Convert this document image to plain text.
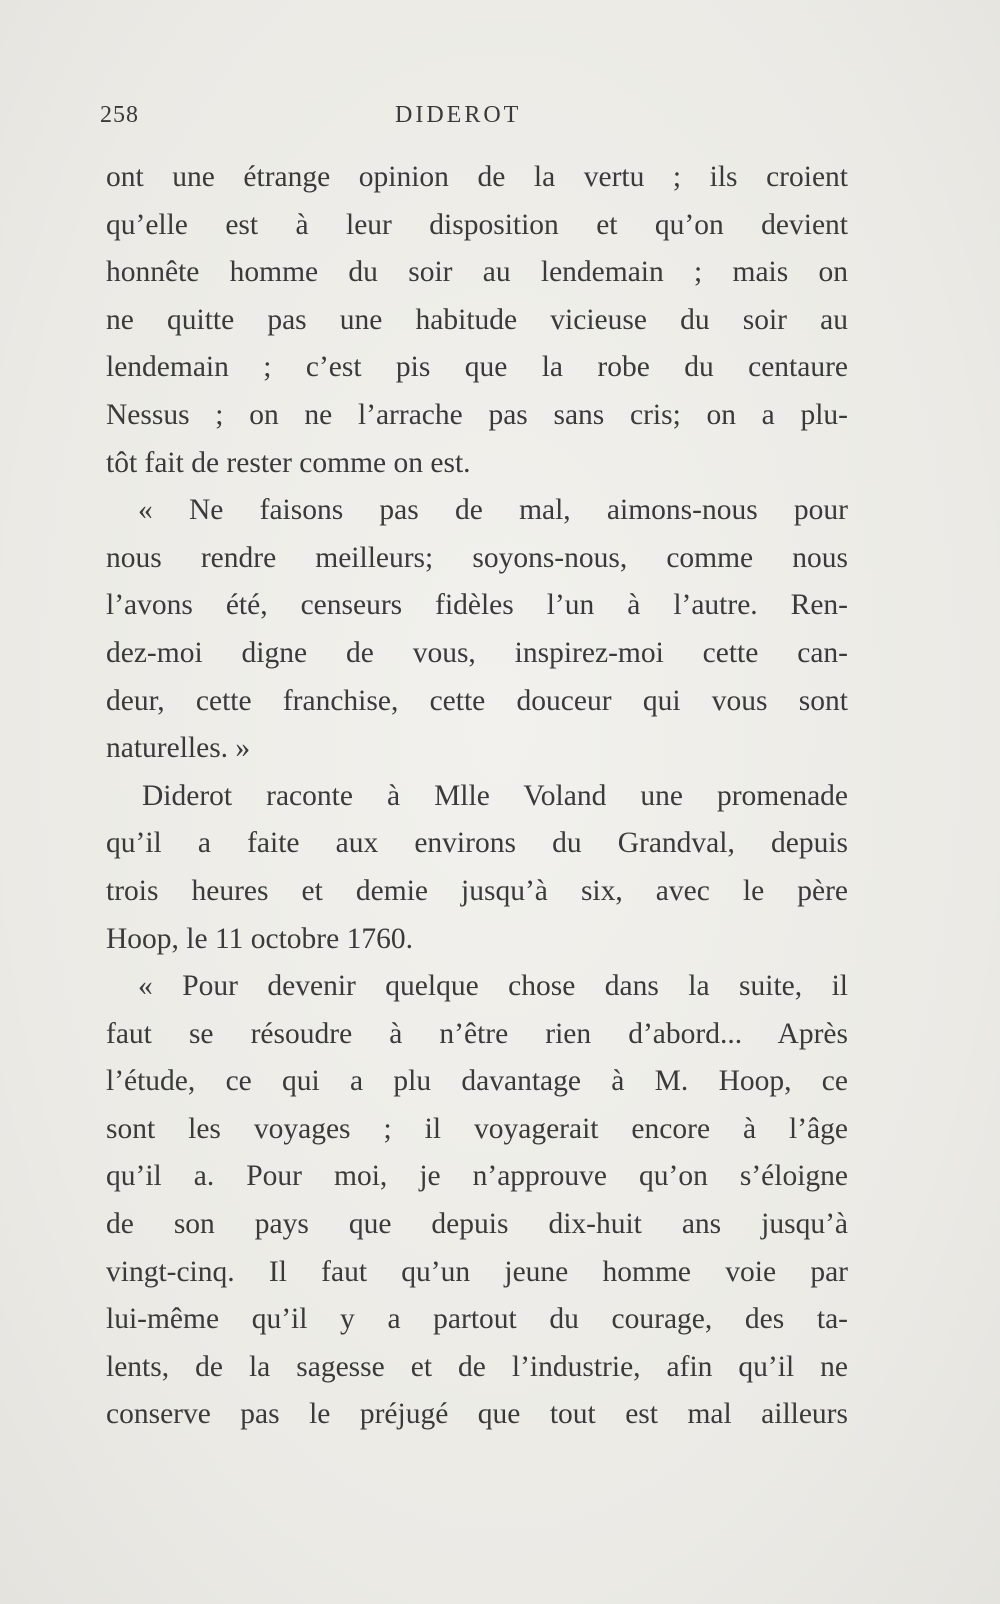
258	DIDEROT
ont une étrange opinion de la vertu ; ils croient
qu’elle est à leur disposition et qu’on devient
honnête homme du soir au lendemain ; mais on
ne quitte pas une habitude vicieuse du soir au
lendemain ; c’est pis que la robe du centaure
Nessus ; on ne l’arrache pas sans cris; on a plu-
tôt fait de rester comme on est.
« Ne faisons pas de mal, aimons-nous pour
nous rendre meilleurs; soyons-nous, comme nous
l’avons été, censeurs fidèles l’un à l’autre. Ren-
dez-moi digne de vous, inspirez-moi cette can-
deur, cette franchise, cette douceur qui vous sont
naturelles. »
Diderot raconte à Mlle Voland une promenade
qu’il a faite aux environs du Grandval, depuis
trois heures et demie jusqu’à six, avec le père
Hoop, le 11 octobre 1760.
« Pour devenir quelque chose dans la suite, il
faut se résoudre à n’être rien d’abord... Après
l’étude, ce qui a plu davantage à M. Hoop, ce
sont les voyages ; il voyagerait encore à l’âge
qu’il a. Pour moi, je n’approuve qu’on s’éloigne
de son pays que depuis dix-huit ans jusqu’à
vingt-cinq. Il faut qu’un jeune homme voie par
lui-même qu’il y a partout du courage, des ta-
lents, de la sagesse et de l’industrie, afin qu’il ne
conserve pas le préjugé que tout est mal ailleurs
